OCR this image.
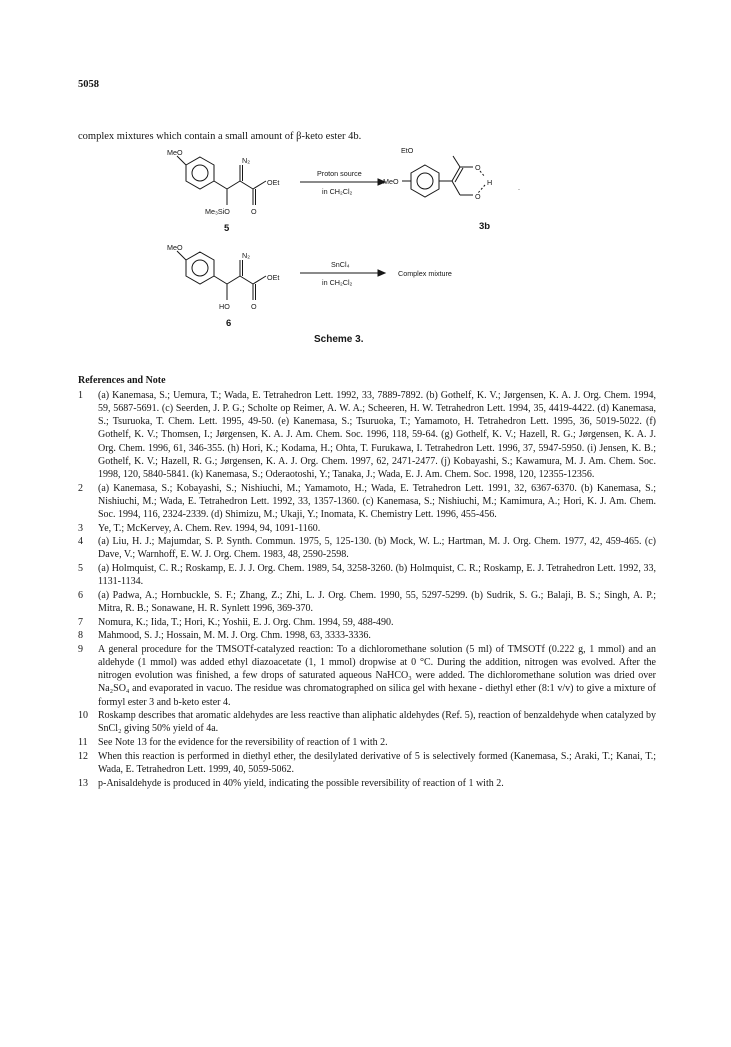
5058
complex mixtures which contain a small amount of β-keto ester 4b.
MeO
N₂
OEt
Me₃SiO	O
5
Proton source
in CH₂Cl₂
EtO
MeO
O
H
O
3b
.
MeO
N₂
OEt
HO	O
6
SnCl₄
in CH₂Cl₂
Complex mixture
Scheme 3.
References and Note
1	(a) Kanemasa, S.; Uemura, T.; Wada, E. Tetrahedron Lett. 1992, 33, 7889-7892. (b) Gothelf, K. V.; Jørgensen, K. A. J. Org. Chem. 1994, 59, 5687-5691. (c) Seerden, J. P. G.; Scholte op Reimer, A. W. A.; Scheeren, H. W. Tetrahedron Lett. 1994, 35, 4419-4422. (d) Kanemasa, S.; Tsuruoka, T. Chem. Lett. 1995, 49-50. (e) Kanemasa, S.; Tsuruoka, T.; Yamamoto, H. Tetrahedron Lett. 1995, 36, 5019-5022. (f) Gothelf, K. V.; Thomsen, I.; Jørgensen, K. A. J. Am. Chem. Soc. 1996, 118, 59-64. (g) Gothelf, K. V.; Hazell, R. G.; Jørgensen, K. A. J. Org. Chem. 1996, 61, 346-355. (h) Hori, K.; Kodama, H.; Ohta, T. Furukawa, I. Tetrahedron Lett. 1996, 37, 5947-5950. (i) Jensen, K. B.; Gothelf, K. V.; Hazell, R. G.; Jørgensen, K. A. J. Org. Chem. 1997, 62, 2471-2477. (j) Kobayashi, S.; Kawamura, M. J. Am. Chem. Soc. 1998, 120, 5840-5841. (k) Kanemasa, S.; Oderaotoshi, Y.; Tanaka, J.; Wada, E. J. Am. Chem. Soc. 1998, 120, 12355-12356.
2	(a) Kanemasa, S.; Kobayashi, S.; Nishiuchi, M.; Yamamoto, H.; Wada, E. Tetrahedron Lett. 1991, 32, 6367-6370. (b) Kanemasa, S.; Nishiuchi, M.; Wada, E. Tetrahedron Lett. 1992, 33, 1357-1360. (c) Kanemasa, S.; Nishiuchi, M.; Kamimura, A.; Hori, K. J. Am. Chem. Soc. 1994, 116, 2324-2339. (d) Shimizu, M.; Ukaji, Y.; Inomata, K. Chemistry Lett. 1996, 455-456.
3	Ye, T.; McKervey, A. Chem. Rev. 1994, 94, 1091-1160.
4	(a) Liu, H. J.; Majumdar, S. P. Synth. Commun. 1975, 5, 125-130. (b) Mock, W. L.; Hartman, M. J. Org. Chem. 1977, 42, 459-465. (c) Dave, V.; Warnhoff, E. W. J. Org. Chem. 1983, 48, 2590-2598.
5	(a) Holmquist, C. R.; Roskamp, E. J. J. Org. Chem. 1989, 54, 3258-3260. (b) Holmquist, C. R.; Roskamp, E. J. Tetrahedron Lett. 1992, 33, 1131-1134.
6	(a) Padwa, A.; Hornbuckle, S. F.; Zhang, Z.; Zhi, L. J. Org. Chem. 1990, 55, 5297-5299. (b) Sudrik, S. G.; Balaji, B. S.; Singh, A. P.; Mitra, R. B.; Sonawane, H. R. Synlett 1996, 369-370.
7	Nomura, K.; Iida, T.; Hori, K.; Yoshii, E. J. Org. Chm. 1994, 59, 488-490.
8	Mahmood, S. J.; Hossain, M. M. J. Org. Chm. 1998, 63, 3333-3336.
9	A general procedure for the TMSOTf-catalyzed reaction: To a dichloromethane solution (5 ml) of TMSOTf (0.222 g, 1 mmol) and an aldehyde (1 mmol) was added ethyl diazoacetate (1, 1 mmol) dropwise at 0 °C. During the addition, nitrogen was evolved. After the nitrogen evolution was finished, a few drops of saturated aqueous NaHCO₃ were added. The dichloromethane solution was dried over Na₂SO₄ and evaporated in vacuo. The residue was chromatographed on silica gel with hexane - diethyl ether (8:1 v/v) to give a mixture of formyl ester 3 and b-keto ester 4.
10	Roskamp describes that aromatic aldehydes are less reactive than aliphatic aldehydes (Ref. 5), reaction of benzaldehyde when catalyzed by SnCl₂ giving 50% yield of 4a.
11	See Note 13 for the evidence for the reversibility of reaction of 1 with 2.
12	When this reaction is performed in diethyl ether, the desilylated derivative of 5 is selectively formed (Kanemasa, S.; Araki, T.; Kanai, T.; Wada, E. Tetrahedron Lett. 1999, 40, 5059-5062.
13	p-Anisaldehyde is produced in 40% yield, indicating the possible reversibility of reaction of 1 with 2.
